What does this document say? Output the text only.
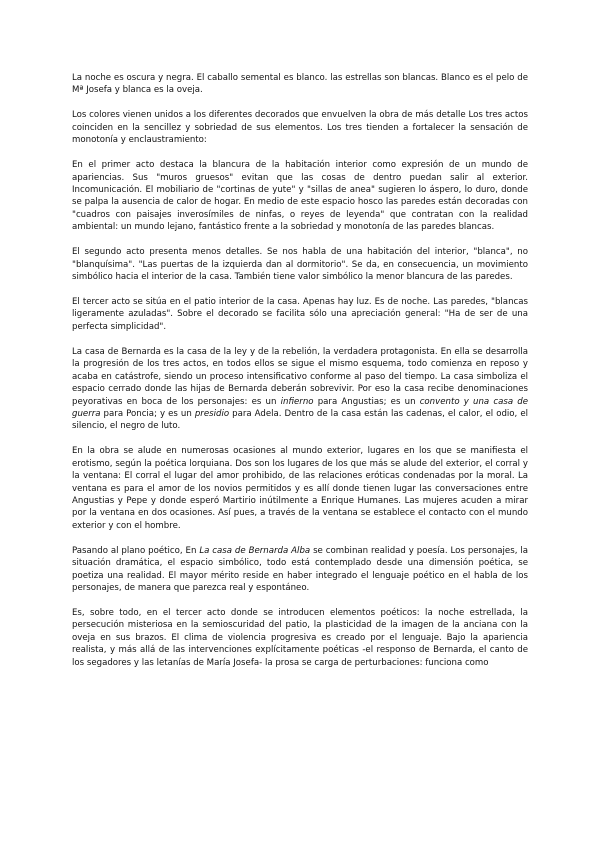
La noche es oscura y negra. El caballo semental es blanco. las estrellas son blancas. Blanco es el pelo de Mª Josefa y blanca es la oveja.

Los colores vienen unidos a los diferentes decorados que envuelven la obra de más detalle Los tres actos coinciden en la sencillez y sobriedad de sus elementos. Los tres tienden a fortalecer la sensación de monotonía y enclaustramiento:

En el primer acto destaca la blancura de la habitación interior como expresión de un mundo de apariencias. Sus "muros gruesos" evitan que las cosas de dentro puedan salir al exterior. Incomunicación. El mobiliario de "cortinas de yute" y "sillas de anea" sugieren lo áspero, lo duro, donde se palpa la ausencia de calor de hogar. En medio de este espacio hosco las paredes están decoradas con "cuadros con paisajes inverosímiles de ninfas, o reyes de leyenda" que contratan con la realidad ambiental: un mundo lejano, fantástico frente a la sobriedad y monotonía de las paredes blancas.

El segundo acto presenta menos detalles. Se nos habla de una habitación del interior, "blanca", no "blanquísima". "Las puertas de la izquierda dan al dormitorio". Se da, en consecuencia, un movimiento simbólico hacia el interior de la casa. También tiene valor simbólico la menor blancura de las paredes.

El tercer acto se sitúa en el patio interior de la casa. Apenas hay luz. Es de noche. Las paredes, "blancas ligeramente azuladas". Sobre el decorado se facilita sólo una apreciación general: "Ha de ser de una perfecta simplicidad".

La casa de Bernarda es la casa de la ley y de la rebelión, la verdadera protagonista. En ella se desarrolla la progresión de los tres actos, en todos ellos se sigue el mismo esquema, todo comienza en reposo y acaba en catástrofe, siendo un proceso intensificativo conforme al paso del tiempo. La casa simboliza el espacio cerrado donde las hijas de Bernarda deberán sobrevivir. Por eso la casa recibe denominaciones peyorativas en boca de los personajes: es un infierno para Angustias; es un convento y una casa de guerra para Poncia; y es un presidio para Adela. Dentro de la casa están las cadenas, el calor, el odio, el silencio, el negro de luto.

En la obra se alude en numerosas ocasiones al mundo exterior, lugares en los que se manifiesta el erotismo, según la poética lorquiana. Dos son los lugares de los que más se alude del exterior, el corral y la ventana: El corral el lugar del amor prohibido, de las relaciones eróticas condenadas por la moral. La ventana es para el amor de los novios permitidos y es allí donde tienen lugar las conversaciones entre Angustias y Pepe y donde esperó Martirio inútilmente a Enrique Humanes. Las mujeres acuden a mirar por la ventana en dos ocasiones. Así pues, a través de la ventana se establece el contacto con el mundo exterior y con el hombre.

Pasando al plano poético, En La casa de Bernarda Alba se combinan realidad y poesía. Los personajes, la situación dramática, el espacio simbólico, todo está contemplado desde una dimensión poética, se poetiza una realidad. El mayor mérito reside en haber integrado el lenguaje poético en el habla de los personajes, de manera que parezca real y espontáneo.

Es, sobre todo, en el tercer acto donde se introducen elementos poéticos: la noche estrellada, la persecución misteriosa en la semioscuridad del patio, la plasticidad de la imagen de la anciana con la oveja en sus brazos. El clima de violencia progresiva es creado por el lenguaje. Bajo la apariencia realista, y más allá de las intervenciones explícitamente poéticas -el responso de Bernarda, el canto de los segadores y las letanías de María Josefa- la prosa se carga de perturbaciones: funciona como
